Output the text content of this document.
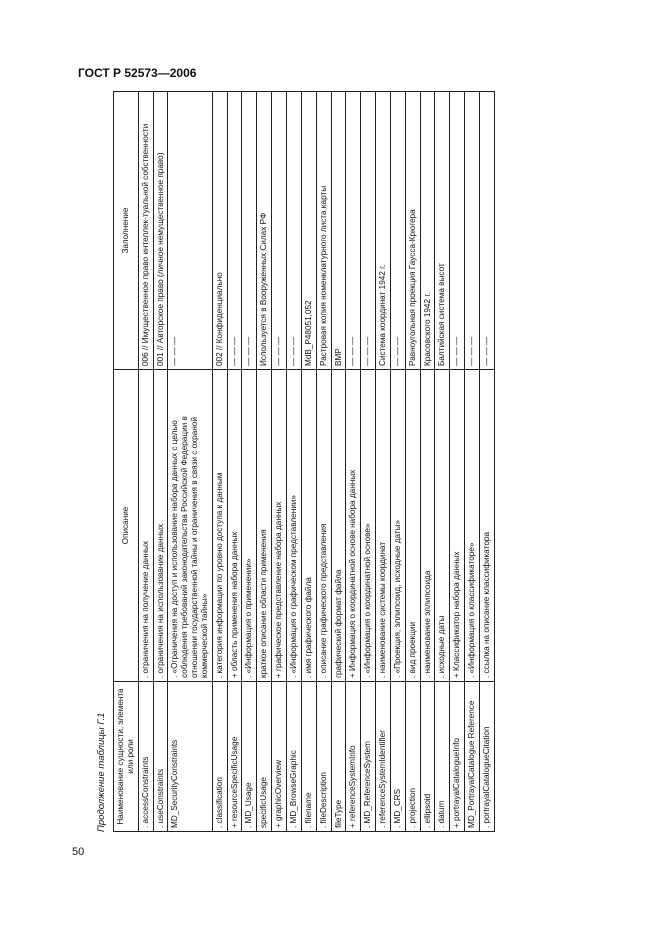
ГОСТ Р 52573—2006
50
Продолжение таблицы Г.1 Наименование сущности, элемента или роли	Описание	Заполнение
. accessConstraints	. ограничения на получение данных	006 // Имущественное право интеллек-туальной собственности
. useConstraints	. ограничения на использование данных	001 // Авторское право (личное немущественное право)
MD_SecurityConstraints	. «Ограничения на доступ и использование набора данных с целью соблюдения требований законодательства Российской Федерации в отношении государственной тайны и ограничения в связи с охраной коммерческой тайны»	— — —
. classification	. категория информации по уровню доступа к данным	002 // Конфиденциально
+ resourceSpecificUsage	+ область применения набора данных	— — —
. MD_Usage	. «Информация о применении»	— — —
specificUsage	краткое описание области применения	Используется в Вооруженных Силах РФ
+ graphicOverview	+ графическое представление набора данных	— — —
. MD_BrowseGraphic	. «Информация о графическом представлении»	— — —
. filename	. имя графического файла	MdB_P48051,052
. fileDescription	. описание графического представления	Растровая копия номенклатурного листа карты
fileType	графический формат файла	BMP
+ referenceSystemInfo	+ Информация о координатной основе набора данных	— — —
. MD_ReferenceSystem	. «Информация о координатной основе»	— — —
. referenceSystemIdentifier	. наименование системы координат	Система координат 1942 г.
. MD_CRS	. «Проекция, эллипсоид, исходные даты»	— — —
. projection	. вид проекции	Равноугольная проекция Гаусса-Крюгера
. ellipsoid	. наименование эллипсоида	Красовского 1942 г.
. datum	. исходные даты	Балтийская система высот
+ portrayalCatalogueInfo	+ Классификатор набора данных	— — —
MD_PortrayalCatalogue Reference	. «Информация о классификаторе»	— — —
. portrayalCatalogueCitation	. ссылка на описание классификатора	— — —
